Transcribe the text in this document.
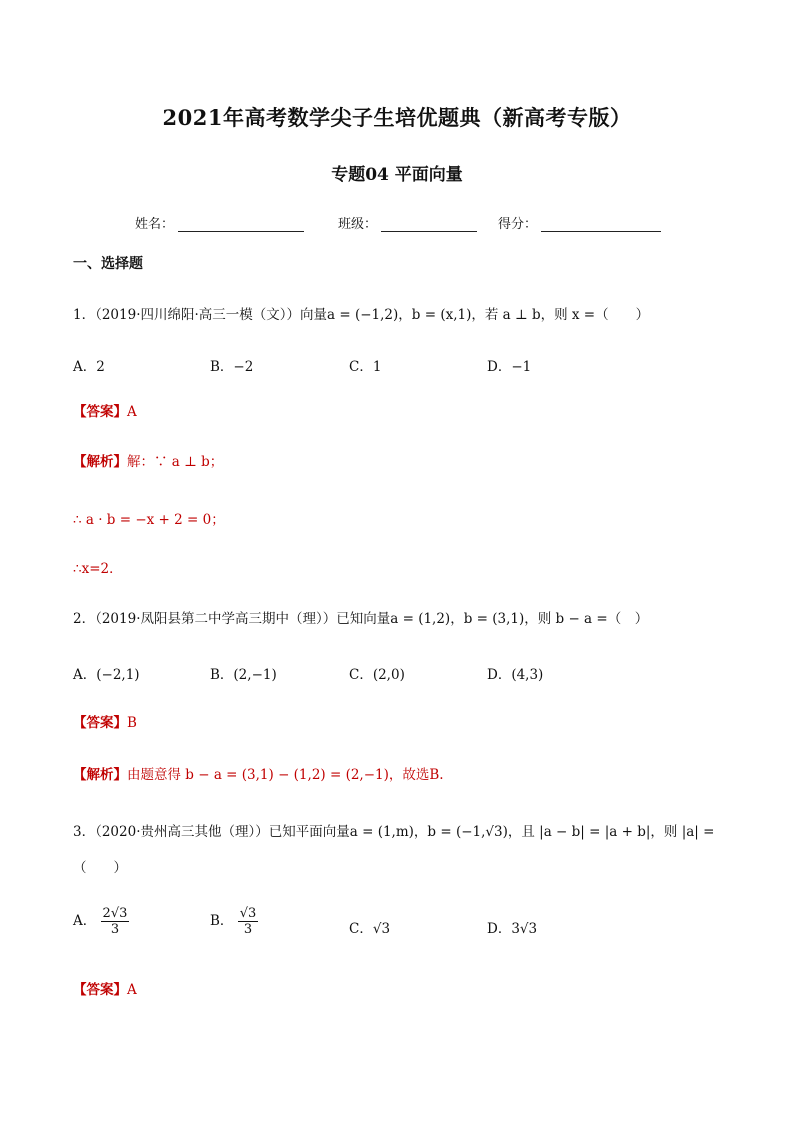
2021年高考数学尖子生培优题典（新高考专版）
专题04 平面向量
姓名：	班级：	得分：
一、选择题
1．（2019·四川绵阳·高三一模（文））向量a = (−1,2)，b = (x,1)，若 a ⊥ b，则 x =（　　）
A．2	B．−2	C．1	D．−1
【答案】A
【解析】解：∵ a ⊥ b；
∴ a · b = −x + 2 = 0；
∴x=2．
2．（2019·凤阳县第二中学高三期中（理））已知向量a = (1,2)，b = (3,1)，则 b − a =（　）
A．(−2,1)	B．(2,−1)	C．(2,0)	D．(4,3)
【答案】B
【解析】由题意得 b − a = (3,1) − (1,2) = (2,−1)，故选B.
3．（2020·贵州高三其他（理））已知平面向量a = (1,m)，b = (−1,√3)，且 |a − b| = |a + b|，则 |a| =
（　　）
A． $\frac{2√3}{3}$	B． $\frac{√3}{3}$	C．√3	D．3√3
【答案】A
